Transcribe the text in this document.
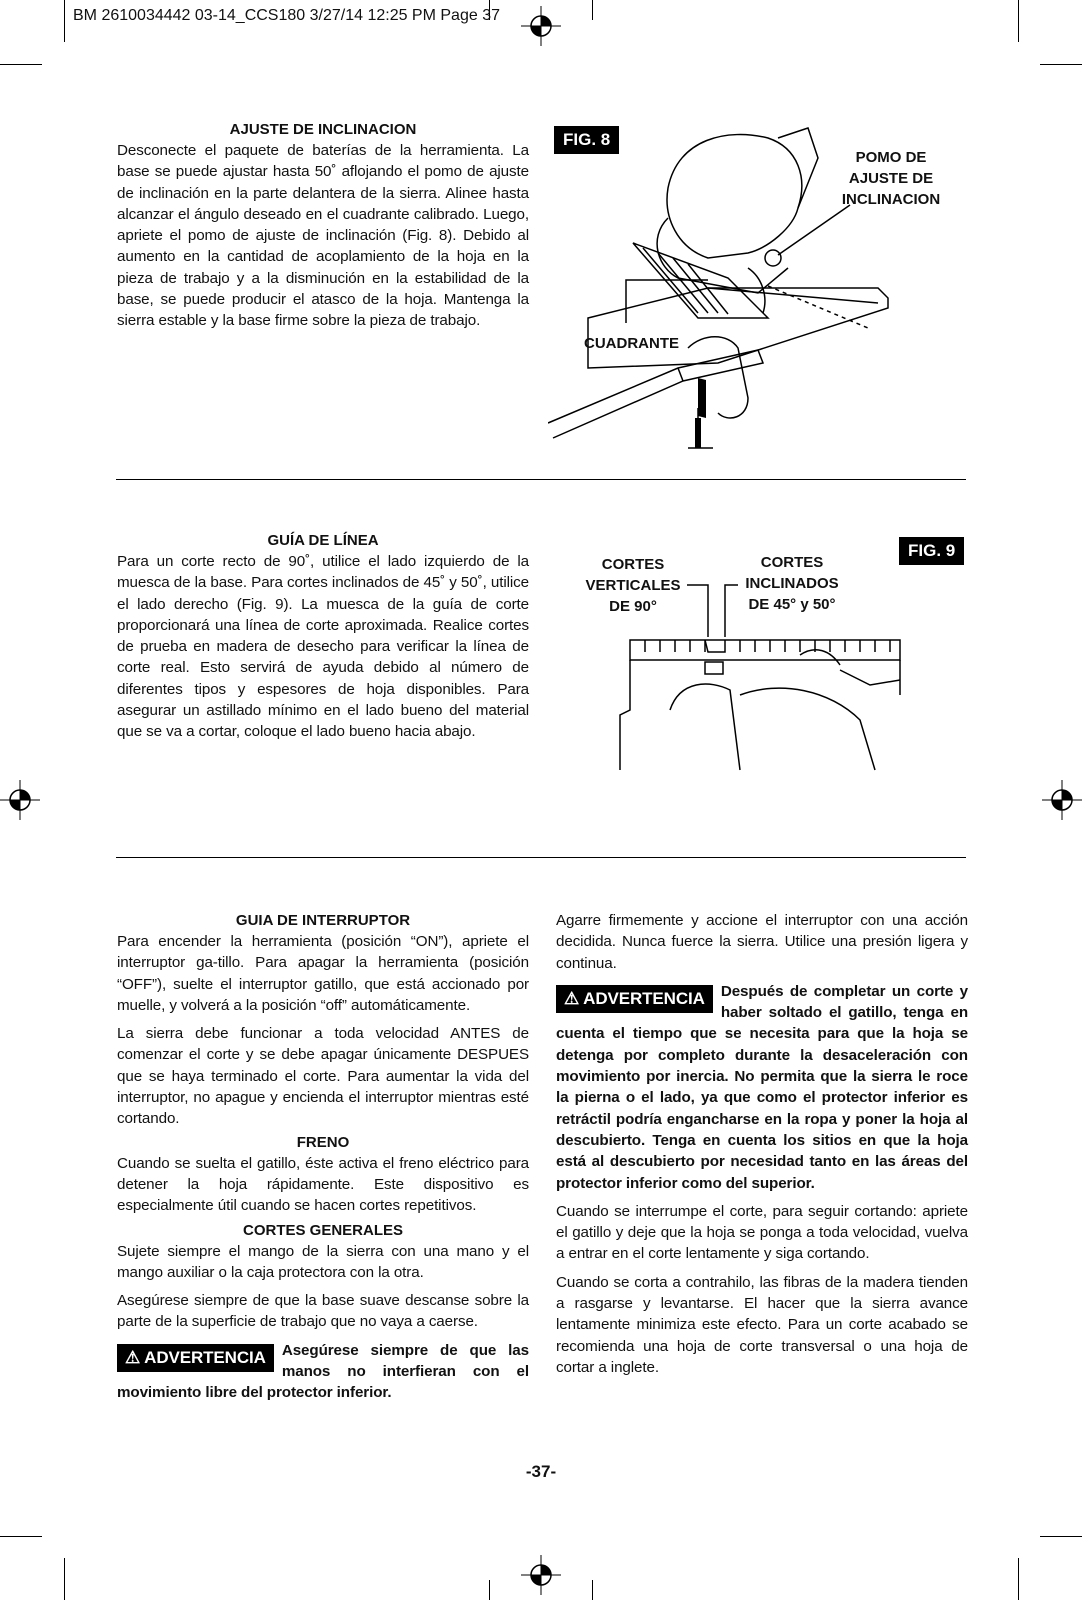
BM 2610034442 03-14_CCS180 3/27/14 12:25 PM Page 37

AJUSTE DE INCLINACION

Desconecte el paquete de baterías de la herramienta. La base se puede ajustar hasta 50˚ aflojando el pomo de ajuste de inclinación en la parte delantera de la sierra. Alinee hasta alcanzar el ángulo deseado en el cuadrante calibrado. Luego, apriete el pomo de ajuste de inclinación (Fig. 8). Debido al aumento en la cantidad de acoplamiento de la hoja en la pieza de trabajo y a la disminución en la estabilidad de la base, se puede producir el atasco de la hoja. Mantenga la sierra estable y la base firme sobre la pieza de trabajo.

FIG. 8
POMO DE
AJUSTE DE
INCLINACION
CUADRANTE

GUÍA DE LÍNEA

Para un corte recto de 90˚, utilice el lado izquierdo de la muesca de la base. Para cortes inclinados de 45˚ y 50˚, utilice el lado derecho (Fig. 9). La muesca de la guía de corte proporcionará una línea de corte aproximada. Realice cortes de prueba en madera de desecho para verificar la línea de corte real. Esto servirá de ayuda debido al número de diferentes tipos y espesores de hoja disponibles. Para asegurar un astillado mínimo en el lado bueno del material que se va a cortar, coloque el lado bueno hacia abajo.

FIG. 9
CORTES
VERTICALES
DE 90°
CORTES
INCLINADOS
DE 45° y 50°

GUIA DE INTERRUPTOR

Para encender la herramienta (posición “ON”), apriete el interruptor ga-tillo. Para apagar la herramienta (posición “OFF”), suelte el interruptor gatillo, que está accionado por muelle, y volverá a la posición “off” automáticamente.

La sierra debe funcionar a toda velocidad ANTES de comenzar el corte y se debe apagar únicamente DESPUES que se haya terminado el corte. Para aumentar la vida del interruptor, no apague y encienda el interruptor mientras esté cortando.

FRENO

Cuando se suelta el gatillo, éste activa el freno eléctrico para detener la hoja rápidamente. Este dispositivo es especialmente útil cuando se hacen cortes repetitivos.

CORTES GENERALES

Sujete siempre el mango de la sierra con una mano y el mango auxiliar o la caja protectora con la otra.

Asegúrese siempre de que la base suave descanse sobre la parte de la superficie de trabajo que no vaya a caerse.

⚠ ADVERTENCIA	Asegúrese siempre de que las manos no interfieran con el movimiento libre del protector inferior.

Agarre firmemente y accione el interruptor con una acción decidida. Nunca fuerce la sierra. Utilice una presión ligera y continua.

⚠ ADVERTENCIA	Después de completar un corte y haber soltado el gatillo, tenga en cuenta el tiempo que se necesita para que la hoja se detenga por completo durante la desaceleración con movimiento por inercia. No permita que la sierra le roce la pierna o el lado, ya que como el protector inferior es retráctil podría engancharse en la ropa y poner la hoja al descubierto. Tenga en cuenta los sitios en que la hoja está al descubierto por necesidad tanto en las áreas del protector inferior como del superior.

Cuando se interrumpe el corte, para seguir cortando: apriete el gatillo y deje que la hoja se ponga a toda velocidad, vuelva a entrar en el corte lentamente y siga cortando.

Cuando se corta a contrahilo, las fibras de la madera tienden a rasgarse y levantarse. El hacer que la sierra avance lentamente minimiza este efecto. Para un corte acabado se recomienda una hoja de corte transversal o una hoja de cortar a inglete.

-37-
